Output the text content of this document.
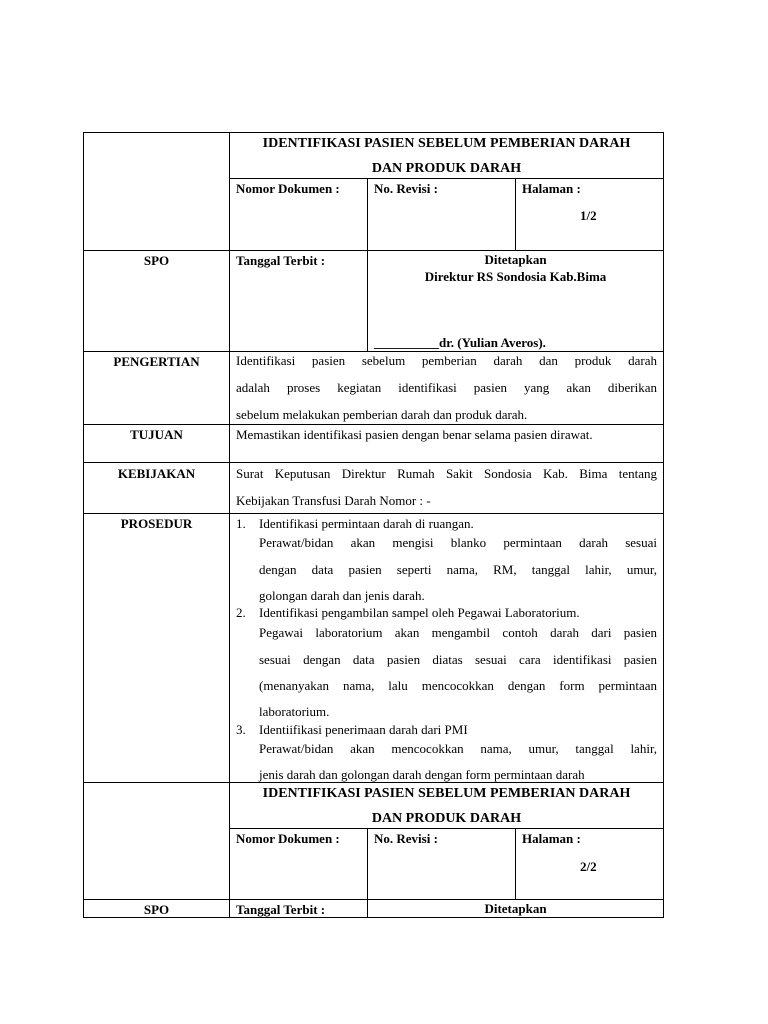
IDENTIFIKASI PASIEN SEBELUM PEMBERIAN DARAH
DAN PRODUK DARAH
Nomor Dokumen :	No. Revisi :	Halaman :
1/2
SPO	Tanggal Terbit :	Ditetapkan
Direktur RS Sondosia Kab.Bima
__________dr. (Yulian Averos).
PENGERTIAN	Identifikasi pasien sebelum pemberian darah dan produk darah
adalah proses kegiatan identifikasi pasien yang akan diberikan
sebelum melakukan pemberian darah dan produk darah.
TUJUAN	Memastikan identifikasi pasien dengan benar selama pasien dirawat.
KEBIJAKAN	Surat Keputusan Direktur Rumah Sakit Sondosia Kab. Bima tentang
Kebijakan Transfusi Darah Nomor : -
PROSEDUR	1. Identifikasi permintaan darah di ruangan.
Perawat/bidan akan mengisi blanko permintaan darah sesuai
dengan data pasien seperti nama, RM, tanggal lahir, umur,
golongan darah dan jenis darah.
2. Identifikasi pengambilan sampel oleh Pegawai Laboratorium.
Pegawai laboratorium akan mengambil contoh darah dari pasien
sesuai dengan data pasien diatas sesuai cara identifikasi pasien
(menanyakan nama, lalu mencocokkan dengan form permintaan
laboratorium.
3. Identiifikasi penerimaan darah dari PMI
Perawat/bidan akan mencocokkan nama, umur, tanggal lahir,
jenis darah dan golongan darah dengan form permintaan darah
IDENTIFIKASI PASIEN SEBELUM PEMBERIAN DARAH
DAN PRODUK DARAH
Nomor Dokumen :	No. Revisi :	Halaman :
2/2
SPO	Tanggal Terbit :	Ditetapkan
